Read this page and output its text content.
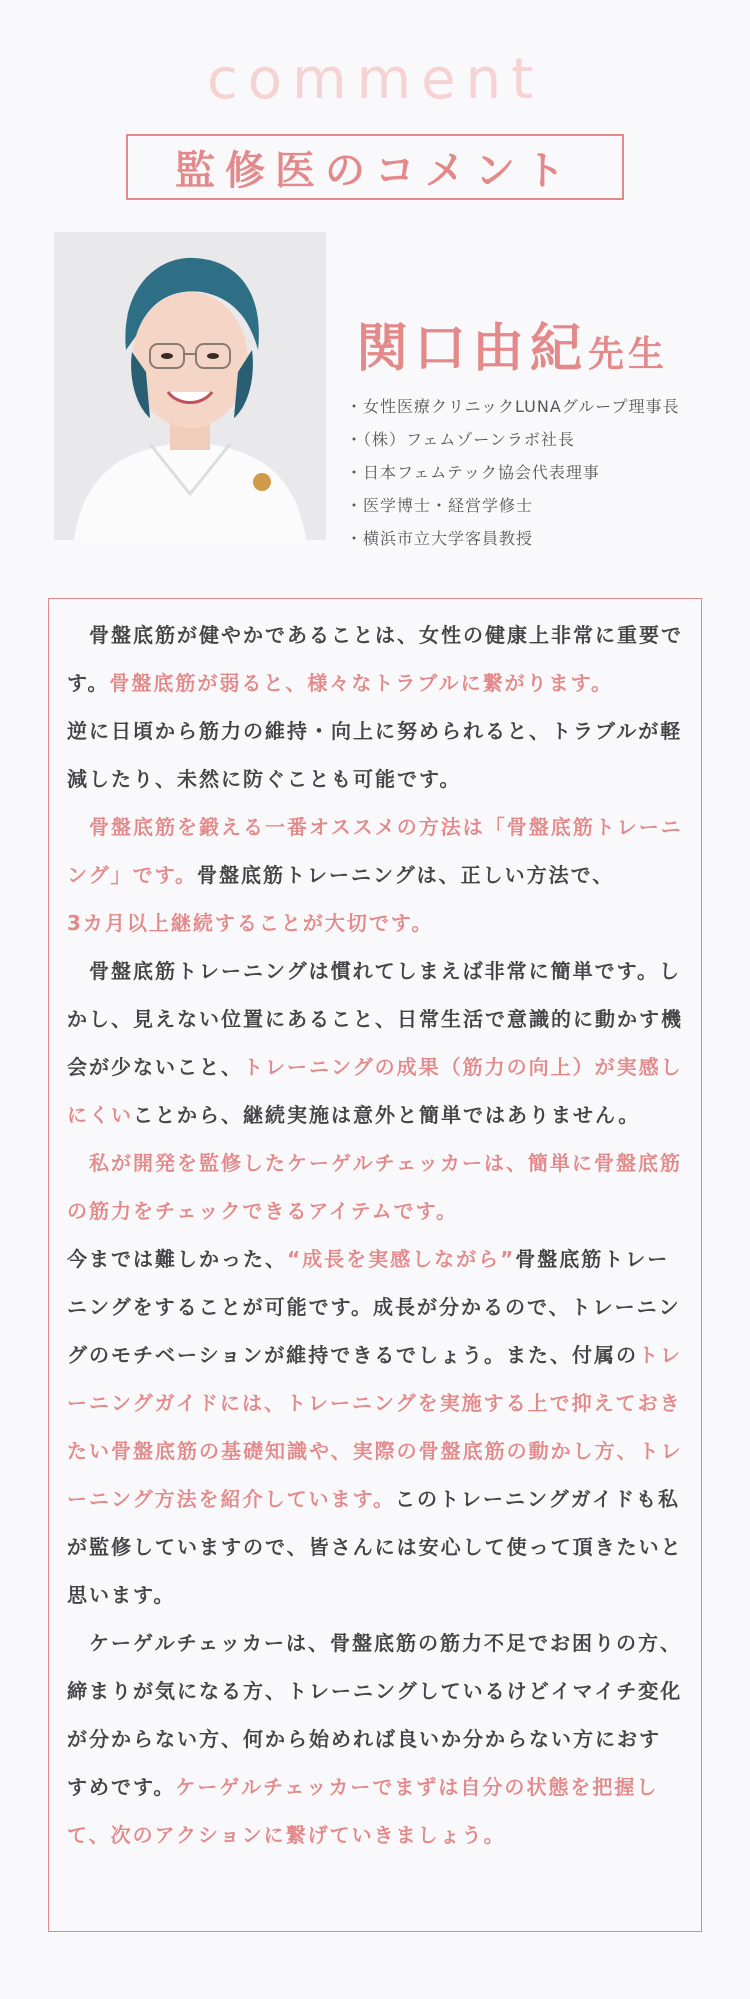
comment
監修医のコメント
関口由紀先生
・女性医療クリニックLUNAグループ理事長
・（株）フェムゾーンラボ社長
・日本フェムテック協会代表理事
・医学博士・経営学修士
・横浜市立大学客員教授

骨盤底筋が健やかであることは、女性の健康上非常に重要です。骨盤底筋が弱ると、様々なトラブルに繋がります。
逆に日頃から筋力の維持・向上に努められると、トラブルが軽減したり、未然に防ぐことも可能です。
骨盤底筋を鍛える一番オススメの方法は「骨盤底筋トレーニング」です。骨盤底筋トレーニングは、正しい方法で、
3カ月以上継続することが大切です。
骨盤底筋トレーニングは慣れてしまえば非常に簡単です。しかし、見えない位置にあること、日常生活で意識的に動かす機会が少ないこと、トレーニングの成果（筋力の向上）が実感しにくいことから、継続実施は意外と簡単ではありません。
私が開発を監修したケーゲルチェッカーは、簡単に骨盤底筋の筋力をチェックできるアイテムです。
今までは難しかった、“成長を実感しながら”骨盤底筋トレーニングをすることが可能です。成長が分かるので、トレーニングのモチベーションが維持できるでしょう。また、付属のトレーニングガイドには、トレーニングを実施する上で抑えておきたい骨盤底筋の基礎知識や、実際の骨盤底筋の動かし方、トレーニング方法を紹介しています。このトレーニングガイドも私が監修していますので、皆さんには安心して使って頂きたいと思います。
ケーゲルチェッカーは、骨盤底筋の筋力不足でお困りの方、締まりが気になる方、トレーニングしているけどイマイチ変化が分からない方、何から始めれば良いか分からない方におすすめです。ケーゲルチェッカーでまずは自分の状態を把握して、次のアクションに繋げていきましょう。
